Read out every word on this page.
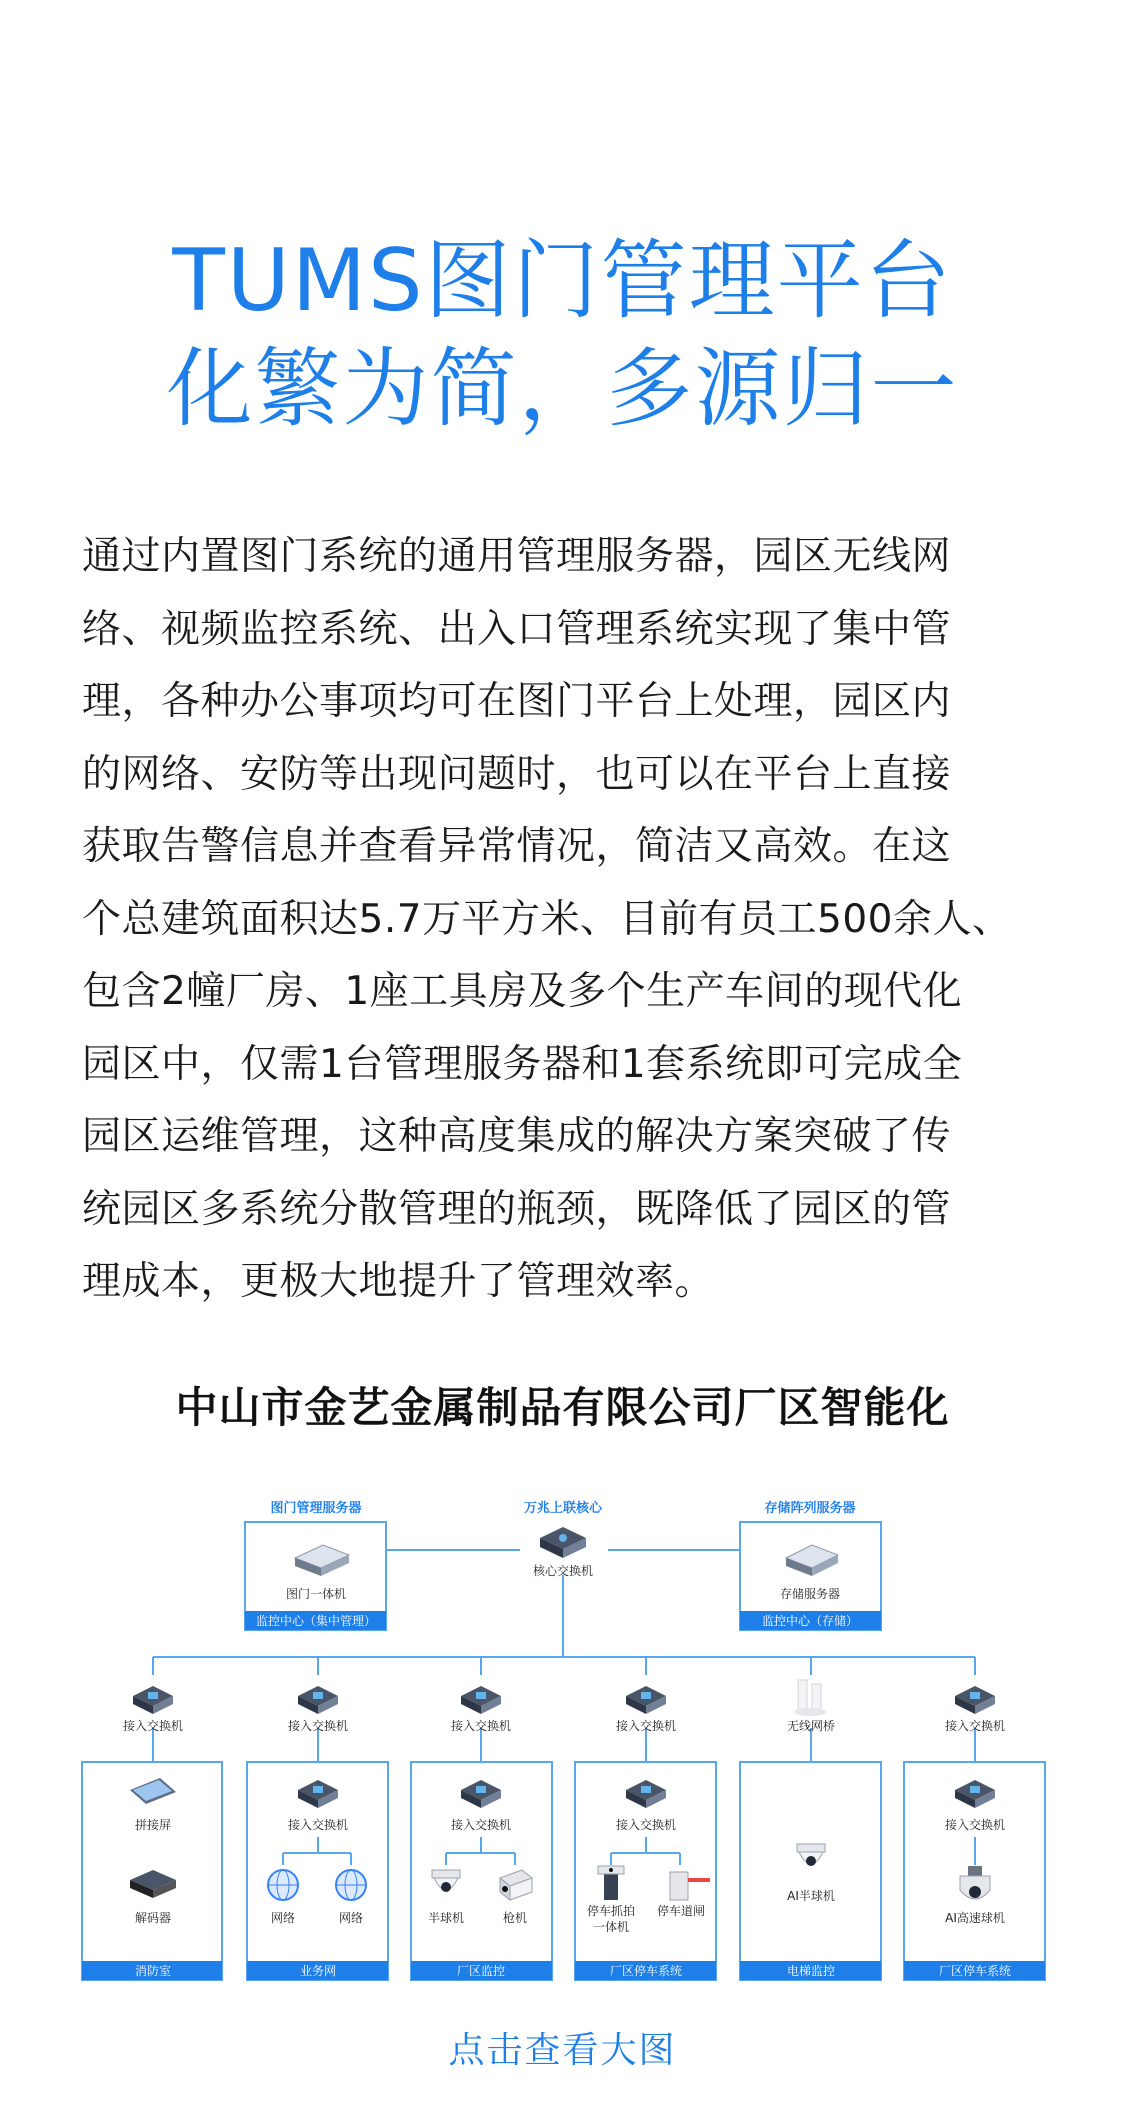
TUMS图门管理平台
化繁为简，多源归一
通过内置图门系统的通用管理服务器，园区无线网
络、视频监控系统、出入口管理系统实现了集中管
理，各种办公事项均可在图门平台上处理，园区内
的网络、安防等出现问题时，也可以在平台上直接
获取告警信息并查看异常情况，简洁又高效。在这
个总建筑面积达5.7万平方米、目前有员工500余人、
包含2幢厂房、1座工具房及多个生产车间的现代化
园区中，仅需1台管理服务器和1套系统即可完成全
园区运维管理，这种高度集成的解决方案突破了传
统园区多系统分散管理的瓶颈，既降低了园区的管
理成本，更极大地提升了管理效率。
中山市金艺金属制品有限公司厂区智能化
图门管理服务器
图门一体机
监控中心（集中管理）
万兆上联核心
核心交换机
存储阵列服务器
存储服务器
监控中心（存储）
接入交换机
拼接屏
解码器
消防室
接入交换机
接入交换机
网络	网络
业务网
接入交换机
接入交换机
半球机	枪机
厂区监控
接入交换机
接入交换机
停车抓拍
一体机
停车道闸
厂区停车系统
无线网桥
AI半球机
电梯监控
接入交换机
接入交换机
AI高速球机
厂区停车系统
点击查看大图
